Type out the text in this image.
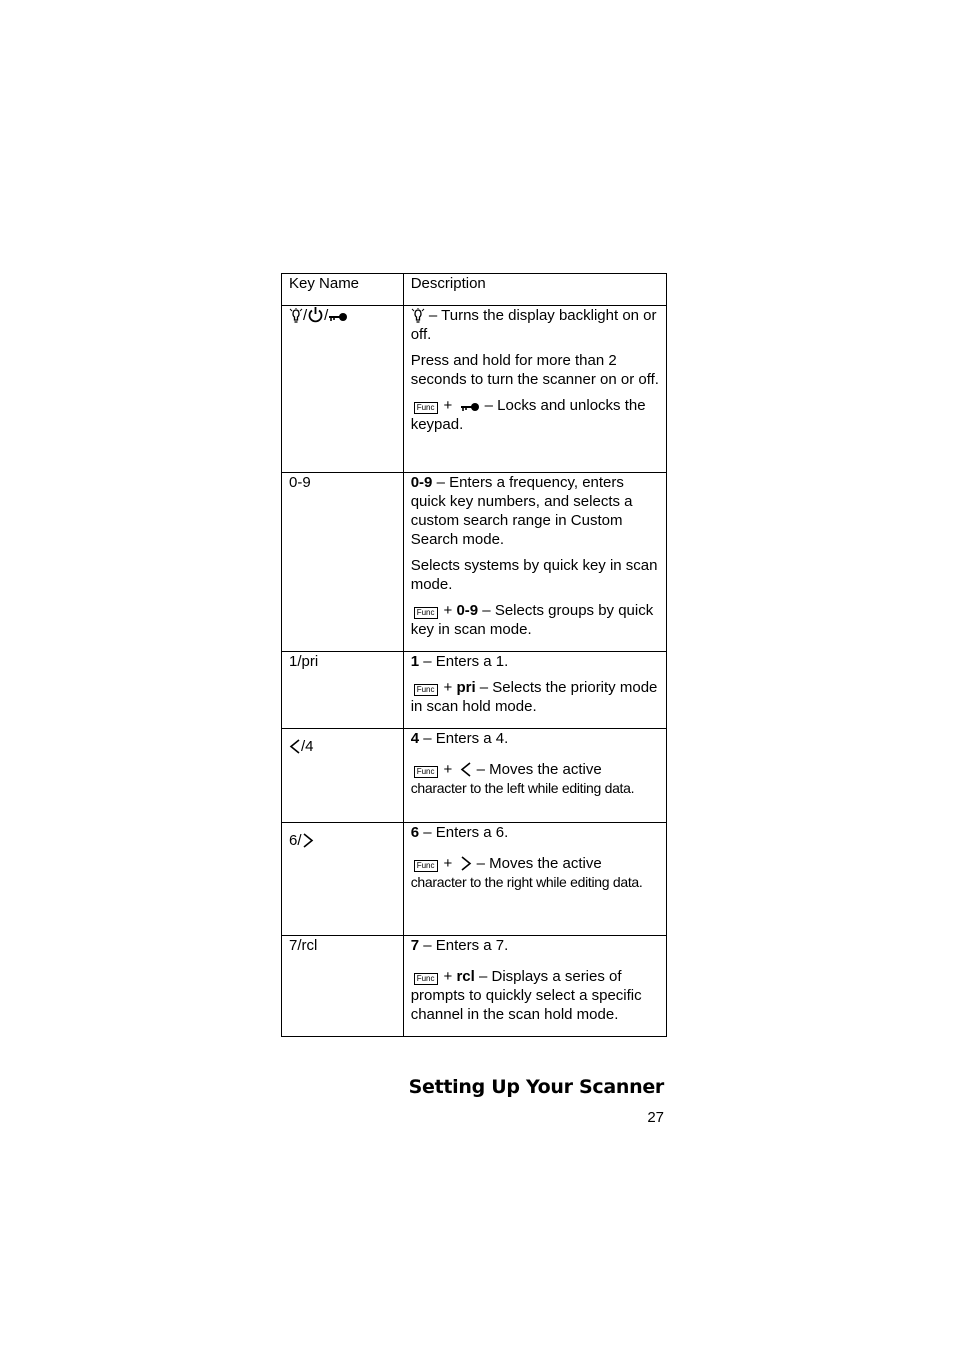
Key Name	Description
/ /	– Turns the display backlight on or off.

Press and hold for more than 2 seconds to turn the scanner on or off.

Func +  – Locks and unlocks the keypad.

0-9	0-9 – Enters a frequency, enters quick key numbers, and selects a custom search range in Custom Search mode.

Selects systems by quick key in scan mode.

Func + 0-9 – Selects groups by quick key in scan mode.

1/pri	1 – Enters a 1.

Func + pri – Selects the priority mode in scan hold mode.

/4	4 – Enters a 4.

Func +  – Moves the active

character to the left while editing data.

6/	6 – Enters a 6.

Func +  – Moves the active

character to the right while editing data.

7/rcl	7 – Enters a 7.

Func + rcl – Displays a series of prompts to quickly select a specific channel in the scan hold mode.

Setting Up Your Scanner
27
